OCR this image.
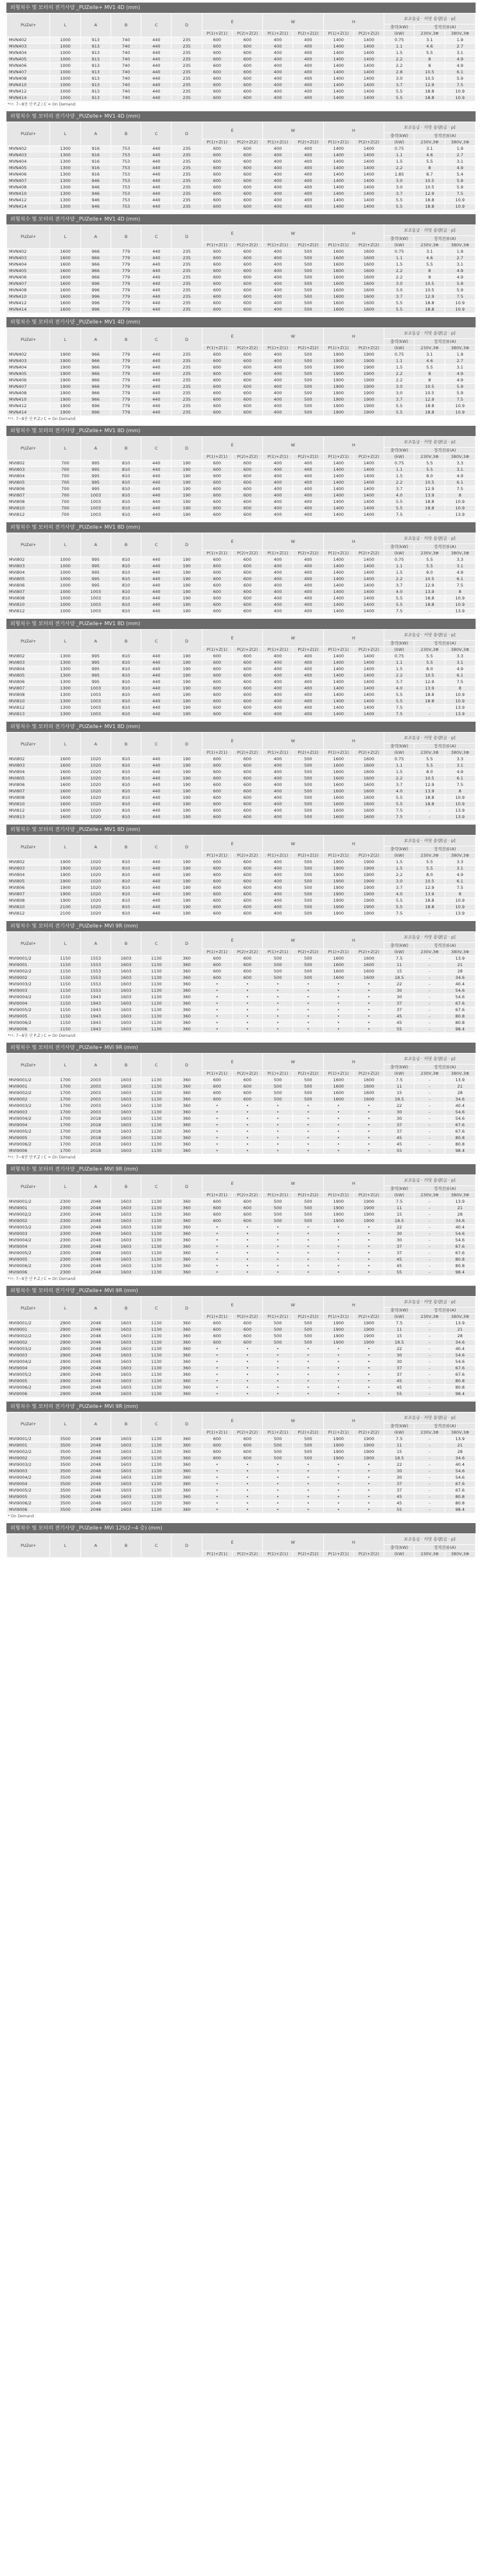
외형치수 및 모터의 전기사양 _PUZelle+ MV1 4D (mm)
PUZel+	L	A	B	C	D	E		W		H		보조동급 · 카닷 용량[급 · p]		
												출력(kW)	정격전류(A)	
						P(1)+Z(1)	P(2)+Z(2)	P(1)+Z(1)	P(2)+Z(2)	P(1)+Z(1)	P(2)+Z(2)	(kW)	230V,3Φ	380V,3Φ
MVN402	1000	913	740	440	235	600	600	400	400	1400	1400	0.75	3.1	1.9
MVN403	1000	913	740	440	235	600	600	400	400	1400	1400	1.1	4.6	2.7
MVN404	1000	913	740	440	235	600	600	400	400	1400	1400	1.5	5.5	3.1
MVN405	1000	913	740	440	235	600	600	400	400	1400	1400	2.2	8	4.9
MVN406	1000	913	740	440	235	600	600	400	400	1400	1400	2.2	8	4.9
MVN407	1000	913	740	440	235	600	600	400	400	1400	1400	2.8	10.5	6.1
MVN408	1000	913	740	440	235	600	600	400	400	1400	1400	3.0	10.5	5.9
MVN410	1000	913	740	440	235	600	600	400	400	1400	1400	3.7	12.9	7.5
MVN412	1000	913	740	440	235	600	600	400	400	1400	1400	5.5	18.8	10.9
MVN414	1000	913	740	440	235	600	600	400	400	1400	1400	5.5	18.8	10.9
*ㅁ: 7~8층 단 P,Z / C = On Demand
외형치수 및 모터의 전기사양 _PUZelle+ MV1 4D (mm)
PUZel+	L	A	B	C	D	E		W		H		보조동급 · 카닷 용량[급 · p]		
												출력(kW)	정격전류(A)	
						P(1)+Z(1)	P(2)+Z(2)	P(1)+Z(1)	P(2)+Z(2)	P(1)+Z(1)	P(2)+Z(2)	(kW)	230V,3Φ	380V,3Φ
MVN402	1300	916	753	440	235	600	600	400	400	1400	1400	0.75	3.1	1.9
MVN403	1300	916	753	440	235	600	600	400	400	1400	1400	1.1	4.6	2.7
MVN404	1300	916	753	440	235	600	600	400	400	1400	1400	1.5	5.5	3.1
MVN405	1300	916	753	440	235	600	600	400	400	1400	1400	2.2	8	4.9
MVN406	1300	916	753	440	235	600	600	400	400	1400	1400	1.85	8.7	5.4
MVN407	1300	946	753	440	235	600	600	400	400	1400	1400	3.0	10.5	5.9
MVN408	1300	946	753	440	235	600	600	400	400	1400	1400	3.0	10.5	5.9
MVN410	1300	946	753	440	235	600	600	400	400	1400	1400	3.7	12.9	7.5
MVN412	1300	946	753	440	235	600	600	400	400	1400	1400	5.5	18.8	10.9
MVN414	1300	946	753	440	235	600	600	400	400	1400	1400	5.5	18.8	10.9
외형치수 및 모터의 전기사양 _PUZelle+ MV1 4D (mm)
PUZel+	L	A	B	C	D	E		W		H		보조동급 · 카닷 용량[급 · p]		
												출력(kW)	정격전류(A)	
						P(1)+Z(1)	P(2)+Z(2)	P(1)+Z(1)	P(2)+Z(2)	P(1)+Z(1)	P(2)+Z(2)	(kW)	230V,3Φ	380V,3Φ
MVN402	1600	966	779	440	235	600	600	400	500	1600	1600	0.75	3.1	1.9
MVN403	1600	966	779	440	235	600	600	400	500	1600	1600	1.1	4.6	2.7
MVN404	1600	966	779	440	235	600	600	400	500	1600	1600	1.5	5.5	3.1
MVN405	1600	966	779	440	235	600	600	400	500	1600	1600	2.2	8	4.9
MVN406	1600	966	779	440	235	600	600	400	500	1600	1600	2.2	8	4.9
MVN407	1600	996	779	440	235	600	600	400	500	1600	1600	3.0	10.5	5.9
MVN408	1600	996	779	440	235	600	600	400	500	1600	1600	3.0	10.5	5.9
MVN410	1600	996	779	440	235	600	600	400	500	1600	1600	3.7	12.9	7.5
MVN412	1600	996	779	440	235	600	600	400	500	1600	1600	5.5	18.8	10.9
MVN414	1600	996	779	440	235	600	600	400	500	1600	1600	5.5	18.8	10.9
외형치수 및 모터의 전기사양 _PUZelle+ MV1 4D (mm)
PUZel+	L	A	B	C	D	E		W		H		보조동급 · 카닷 용량[급 · p]		
												출력(kW)	정격전류(A)	
						P(1)+Z(1)	P(2)+Z(2)	P(1)+Z(1)	P(2)+Z(2)	P(1)+Z(1)	P(2)+Z(2)	(kW)	230V,3Φ	380V,3Φ
MVN402	1900	966	779	440	235	600	600	400	500	1900	1900	0.75	3.1	1.9
MVN403	1900	966	779	440	235	600	600	400	500	1900	1900	1.1	4.6	2.7
MVN404	1900	966	779	440	235	600	600	400	500	1900	1900	1.5	5.5	3.1
MVN405	1900	966	779	440	235	600	600	400	500	1900	1900	2.2	8	4.9
MVN406	1900	966	779	440	235	600	600	400	500	1900	1900	2.2	8	4.9
MVN407	1900	966	779	440	235	600	600	400	500	1900	1900	3.0	10.5	5.9
MVN408	1900	966	779	440	235	600	600	400	500	1900	1900	3.0	10.5	5.9
MVN410	1900	966	779	440	235	600	600	400	500	1900	1900	3.7	12.9	7.5
MVN412	1900	996	779	440	235	600	600	400	500	1900	1900	5.5	18.8	10.9
MVN414	1900	996	779	440	235	600	600	400	500	1900	1900	5.5	18.8	10.9
*ㅁ: 7~8층 단 P,Z / C = On Demand
외형치수 및 모터의 전기사양 _PUZelle+ MV1 8D (mm)
PUZel+	L	A	B	C	D	E		W		H		보조동급 · 카닷 용량[급 · p]		
												출력(kW)	정격전류(A)	
						P(1)+Z(1)	P(2)+Z(2)	P(1)+Z(1)	P(2)+Z(2)	P(1)+Z(1)	P(2)+Z(2)	(kW)	230V,3Φ	380V,3Φ
MVI802	700	995	810	440	190	600	600	400	400	1400	1400	0.75	5.5	3.3
MVI803	700	995	810	440	190	600	600	400	400	1400	1400	1.1	5.5	3.1
MVI804	700	995	810	440	190	600	600	400	400	1400	1400	1.5	8.0	4.9
MVI805	700	995	810	440	190	600	600	400	400	1400	1400	2.2	10.5	6.1
MVI806	700	995	810	440	190	600	600	400	400	1400	1400	3.7	12.9	7.5
MVI807	700	1003	810	440	190	600	600	400	400	1400	1400	4.0	13.9	8
MVI808	700	1003	810	440	190	600	600	400	400	1400	1400	5.5	18.8	10.9
MVI810	700	1003	810	440	190	600	600	400	400	1400	1400	5.5	18.8	10.9
MVI812	700	1003	810	440	190	600	600	400	400	1400	1400	7.5	-	13.9
외형치수 및 모터의 전기사양 _PUZelle+ MV1 8D (mm)
PUZel+	L	A	B	C	D	E		W		H		보조동급 · 카닷 용량[급 · p]		
												출력(kW)	정격전류(A)	
						P(1)+Z(1)	P(2)+Z(2)	P(1)+Z(1)	P(2)+Z(2)	P(1)+Z(1)	P(2)+Z(2)	(kW)	230V,3Φ	380V,3Φ
MVI802	1000	995	810	440	190	600	600	400	400	1400	1400	0.75	5.5	3.3
MVI803	1000	995	810	440	190	600	600	400	400	1400	1400	1.1	5.5	3.1
MVI804	1000	995	810	440	190	600	600	400	400	1400	1400	1.5	8.0	4.9
MVI805	1000	995	810	440	190	600	600	400	400	1400	1400	2.2	10.5	6.1
MVI806	1000	995	810	440	190	600	600	400	400	1400	1400	3.7	12.9	7.5
MVI807	1000	1003	810	440	190	600	600	400	400	1400	1400	4.0	13.9	8
MVI808	1000	1003	810	440	190	600	600	400	400	1400	1400	5.5	18.8	10.9
MVI810	1000	1003	810	440	190	600	600	400	400	1400	1400	5.5	18.8	10.9
MVI812	1000	1003	810	440	190	600	600	400	400	1400	1400	7.5	-	13.9
외형치수 및 모터의 전기사양 _PUZelle+ MV1 8D (mm)
PUZel+	L	A	B	C	D	E		W		H		보조동급 · 카닷 용량[급 · p]		
												출력(kW)	정격전류(A)	
						P(1)+Z(1)	P(2)+Z(2)	P(1)+Z(1)	P(2)+Z(2)	P(1)+Z(1)	P(2)+Z(2)	(kW)	230V,3Φ	380V,3Φ
MVI802	1300	995	810	440	190	600	600	400	400	1400	1400	0.75	5.5	3.3
MVI803	1300	995	810	440	190	600	600	400	400	1400	1400	1.1	5.5	3.1
MVI804	1300	995	810	440	190	600	600	400	400	1400	1400	1.5	8.0	4.9
MVI805	1300	995	810	440	190	600	600	400	400	1400	1400	2.2	10.5	6.1
MVI806	1300	995	810	440	190	600	600	400	400	1400	1400	3.7	12.9	7.5
MVI807	1300	1003	810	440	190	600	600	400	400	1400	1400	4.0	13.9	8
MVI808	1300	1003	810	440	190	600	600	400	400	1400	1400	5.5	18.8	10.9
MVI810	1300	1003	810	440	190	600	600	400	400	1400	1400	5.5	18.8	10.9
MVI812	1300	1003	810	440	190	600	600	400	400	1400	1400	7.5	-	13.9
MVI813	1300	1003	810	440	190	600	600	400	400	1400	1400	7.5	-	13.9
외형치수 및 모터의 전기사양 _PUZelle+ MV1 8D (mm)
PUZel+	L	A	B	C	D	E		W		H		보조동급 · 카닷 용량[급 · p]		
												출력(kW)	정격전류(A)	
						P(1)+Z(1)	P(2)+Z(2)	P(1)+Z(1)	P(2)+Z(2)	P(1)+Z(1)	P(2)+Z(2)	(kW)	230V,3Φ	380V,3Φ
MVI802	1600	1020	810	440	190	600	600	400	500	1600	1600	0.75	5.5	3.3
MVI803	1600	1020	810	440	190	600	600	400	500	1600	1600	1.1	5.5	3.1
MVI804	1600	1020	810	440	190	600	600	400	500	1600	1600	1.5	8.0	4.9
MVI805	1600	1020	810	440	190	600	600	400	500	1600	1600	2.2	10.5	6.1
MVI806	1600	1020	810	440	190	600	600	400	500	1600	1600	3.7	12.9	7.5
MVI807	1600	1020	810	440	190	600	600	400	500	1600	1600	4.0	13.9	8
MVI808	1600	1020	810	440	190	600	600	400	500	1600	1600	5.5	18.8	10.9
MVI810	1600	1020	810	440	190	600	600	400	500	1600	1600	5.5	18.8	10.9
MVI812	1600	1020	810	440	190	600	600	400	500	1600	1600	7.5	-	13.9
MVI813	1600	1020	810	440	190	600	600	400	500	1600	1600	7.5	-	13.9
외형치수 및 모터의 전기사양 _PUZelle+ MV1 8D (mm)
PUZel+	L	A	B	C	D	E		W		H		보조동급 · 카닷 용량[급 · p]		
												출력(kW)	정격전류(A)	
						P(1)+Z(1)	P(2)+Z(2)	P(1)+Z(1)	P(2)+Z(2)	P(1)+Z(1)	P(2)+Z(2)	(kW)	230V,3Φ	380V,3Φ
MVI802	1900	1020	810	440	190	600	600	400	500	1900	1900	1.5	5.5	3.3
MVI803	1900	1020	810	440	190	600	600	400	500	1900	1900	1.5	5.5	3.1
MVI804	1900	1020	810	440	190	600	600	400	500	1900	1900	2.2	8.0	4.9
MVI805	1900	1020	810	440	190	600	600	400	500	1900	1900	3.0	10.5	6.1
MVI806	1900	1020	810	440	190	600	600	400	500	1900	1900	3.7	12.9	7.5
MVI807	1900	1020	810	440	190	600	600	400	500	1900	1900	4.0	13.9	8
MVI808	1900	1020	810	440	190	600	600	400	500	1900	1900	5.5	18.8	10.9
MVI810	2100	1020	810	440	190	600	600	400	500	1900	1900	5.5	18.8	10.9
MVI812	2100	1020	810	440	190	600	600	400	500	1900	1900	7.5	-	13.9
외형치수 및 모터의 전기사양 _PUZelle+ MVI 9R (mm)
PUZel+	L	A	B	C	D	E		W		H		보조동급 · 카닷 용량[급 · p]		
												출력(kW)	정격전류(A)	
						P(1)+Z(1)	P(2)+Z(2)	P(1)+Z(1)	P(2)+Z(2)	P(1)+Z(1)	P(2)+Z(2)	(kW)	230V,3Φ	380V,3Φ
MVI9001/2	1150	1553	1603	1130	360	600	600	500	500	1600	1600	7.5	-	13.9
MVI9001	1150	1553	1603	1130	360	600	600	500	500	1600	1600	11	-	21
MVI9002/2	1150	1553	1603	1130	360	600	600	500	500	1600	1600	15	-	28
MVI9002	1150	1553	1603	1130	360	600	600	500	500	1600	1600	18.5	-	34.6
MVI9003/2	1150	1553	1603	1130	360	•	•	•	•	•	•	22	-	40.4
MVI9003	1150	1553	1603	1130	360	•	•	•	•	•	•	30	-	54.6
MVI9004/2	1150	1943	1603	1130	360	•	•	•	•	•	•	30	-	54.6
MVI9004	1150	1943	1603	1130	360	•	•	•	•	•	•	37	-	67.6
MVI9005/2	1150	1943	1603	1130	360	•	•	•	•	•	•	37	-	67.6
MVI9005	1150	1943	1603	1130	360	•	•	•	•	•	•	45	-	80.8
MVI9006/2	1150	1943	1603	1130	360	•	•	•	•	•	•	45	-	80.8
MVI9006	1150	1943	1603	1130	360	•	•	•	•	•	•	55	-	98.4
*ㅁ: 7~8층 단 P,Z / C = On Demand
외형치수 및 모터의 전기사양 _PUZelle+ MVI 9R (mm)
PUZel+	L	A	B	C	D	E		W		H		보조동급 · 카닷 용량[급 · p]		
												출력(kW)	정격전류(A)	
						P(1)+Z(1)	P(2)+Z(2)	P(1)+Z(1)	P(2)+Z(2)	P(1)+Z(1)	P(2)+Z(2)	(kW)	230V,3Φ	380V,3Φ
MVI9001/2	1700	2003	1603	1130	360	600	600	500	500	1600	1600	7.5	-	13.9
MVI9001	1700	2003	1603	1130	360	600	600	500	500	1600	1600	11	-	21
MVI9002/2	1700	2003	1603	1130	360	600	600	500	500	1600	1600	15	-	28
MVI9002	1700	2003	1603	1130	360	600	600	500	500	1600	1600	18.5	-	34.6
MVI9003/2	1700	2003	1603	1130	360	•	•	•	•	•	•	22	-	40.4
MVI9003	1700	2003	1603	1130	360	•	•	•	•	•	•	30	-	54.6
MVI9004/2	1700	2018	1603	1130	360	•	•	•	•	•	•	30	-	54.6
MVI9004	1700	2018	1603	1130	360	•	•	•	•	•	•	37	-	67.6
MVI9005/2	1700	2018	1603	1130	360	•	•	•	•	•	•	37	-	67.6
MVI9005	1700	2018	1603	1130	360	•	•	•	•	•	•	45	-	80.8
MVI9006/2	1700	2018	1603	1130	360	•	•	•	•	•	•	45	-	80.8
MVI9006	1700	2018	1603	1130	360	•	•	•	•	•	•	55	-	98.4
*ㅁ: 7~8층 단 P,Z / C = On Demand
외형치수 및 모터의 전기사양 _PUZelle+ MVI 9R (mm)
PUZel+	L	A	B	C	D	E		W		H		보조동급 · 카닷 용량[급 · p]		
												출력(kW)	정격전류(A)	
						P(1)+Z(1)	P(2)+Z(2)	P(1)+Z(1)	P(2)+Z(2)	P(1)+Z(1)	P(2)+Z(2)	(kW)	230V,3Φ	380V,3Φ
MVI9001/2	2300	2048	1603	1130	360	600	600	500	500	1900	1900	7.5	-	13.9
MVI9001	2300	2048	1603	1130	360	600	600	500	500	1900	1900	11	-	21
MVI9002/2	2300	2048	1603	1130	360	600	600	500	500	1900	1900	15	-	28
MVI9002	2300	2048	1603	1130	360	600	600	500	500	1900	1900	18.5	-	34.6
MVI9003/2	2300	2048	1603	1130	360	•	•	•	•	•	•	22	-	40.4
MVI9003	2300	2048	1603	1130	360	•	•	•	•	•	•	30	-	54.6
MVI9004/2	2300	2048	1603	1130	360	•	•	•	•	•	•	30	-	54.6
MVI9004	2300	2048	1603	1130	360	•	•	•	•	•	•	37	-	67.6
MVI9005/2	2300	2048	1603	1130	360	•	•	•	•	•	•	37	-	67.6
MVI9005	2300	2048	1603	1130	360	•	•	•	•	•	•	45	-	80.8
MVI9006/2	2300	2048	1603	1130	360	•	•	•	•	•	•	45	-	80.8
MVI9006	2300	2048	1603	1130	360	•	•	•	•	•	•	55	-	98.4
*ㅁ: 7~8층 단 P,Z / C = On Demand
외형치수 및 모터의 전기사양 _PUZelle+ MVI 9R (mm)
PUZel+	L	A	B	C	D	E		W		H		보조동급 · 카닷 용량[급 · p]		
												출력(kW)	정격전류(A)	
						P(1)+Z(1)	P(2)+Z(2)	P(1)+Z(1)	P(2)+Z(2)	P(1)+Z(1)	P(2)+Z(2)	(kW)	230V,3Φ	380V,3Φ
MVI9001/2	2900	2048	1603	1130	360	600	600	500	500	1900	1900	7.5	-	13.9
MVI9001	2900	2048	1603	1130	360	600	600	500	500	1900	1900	11	-	21
MVI9002/2	2900	2048	1603	1130	360	600	600	500	500	1900	1900	15	-	28
MVI9002	2900	2048	1603	1130	360	600	600	500	500	1900	1900	18.5	-	34.6
MVI9003/2	2900	2048	1603	1130	360	•	•	•	•	•	•	22	-	40.4
MVI9003	2900	2048	1603	1130	360	•	•	•	•	•	•	30	-	54.6
MVI9004/2	2900	2048	1603	1130	360	•	•	•	•	•	•	30	-	54.6
MVI9004	2900	2048	1603	1130	360	•	•	•	•	•	•	37	-	67.6
MVI9005/2	2900	2048	1603	1130	360	•	•	•	•	•	•	37	-	67.6
MVI9005	2900	2048	1603	1130	360	•	•	•	•	•	•	45	-	80.8
MVI9006/2	2900	2048	1603	1130	360	•	•	•	•	•	•	45	-	80.8
MVI9006	2900	2048	1603	1130	360	•	•	•	•	•	•	55	-	98.4
외형치수 및 모터의 전기사양 _PUZelle+ MVI 9R (mm)
PUZel+	L	A	B	C	D	E		W		H		보조동급 · 카닷 용량[급 · p]		
												출력(kW)	정격전류(A)	
						P(1)+Z(1)	P(2)+Z(2)	P(1)+Z(1)	P(2)+Z(2)	P(1)+Z(1)	P(2)+Z(2)	(kW)	230V,3Φ	380V,3Φ
MVI9001/2	3500	2048	1603	1130	360	600	600	500	500	1900	1900	7.5	-	13.9
MVI9001	3500	2048	1603	1130	360	600	600	500	500	1900	1900	11	-	21
MVI9002/2	3500	2048	1603	1130	360	600	600	500	500	1900	1900	15	-	28
MVI9002	3500	2048	1603	1130	360	600	600	500	500	1900	1900	18.5	-	34.6
MVI9003/2	3500	2048	1603	1130	360	•	•	•	•	•	•	22	-	40.4
MVI9003	3500	2048	1603	1130	360	•	•	•	•	•	•	30	-	54.6
MVI9004/2	3500	2048	1603	1130	360	•	•	•	•	•	•	30	-	54.6
MVI9004	3500	2048	1603	1130	360	•	•	•	•	•	•	37	-	67.6
MVI9005/2	3500	2048	1603	1130	360	•	•	•	•	•	•	37	-	67.6
MVI9005	3500	2048	1603	1130	360	•	•	•	•	•	•	45	-	80.8
MVI9006/2	3500	2048	1603	1130	360	•	•	•	•	•	•	45	-	80.8
MVI9006	3500	2048	1603	1130	360	•	•	•	•	•	•	55	-	98.4
* On Demand
외형치수 및 모터의 전기사양 _PUZelle+ MVI 12S(2~4 층) (mm)
PUZel+	L	A	B	C	D	E		W		H		보조동급 · 카닷 용량[급 · p]		
												출력(kW)	정격전류(A)	
						P(1)+Z(1)	P(2)+Z(2)	P(1)+Z(1)	P(2)+Z(2)	P(1)+Z(1)	P(2)+Z(2)	(kW)	230V,3Φ	380V,3Φ
